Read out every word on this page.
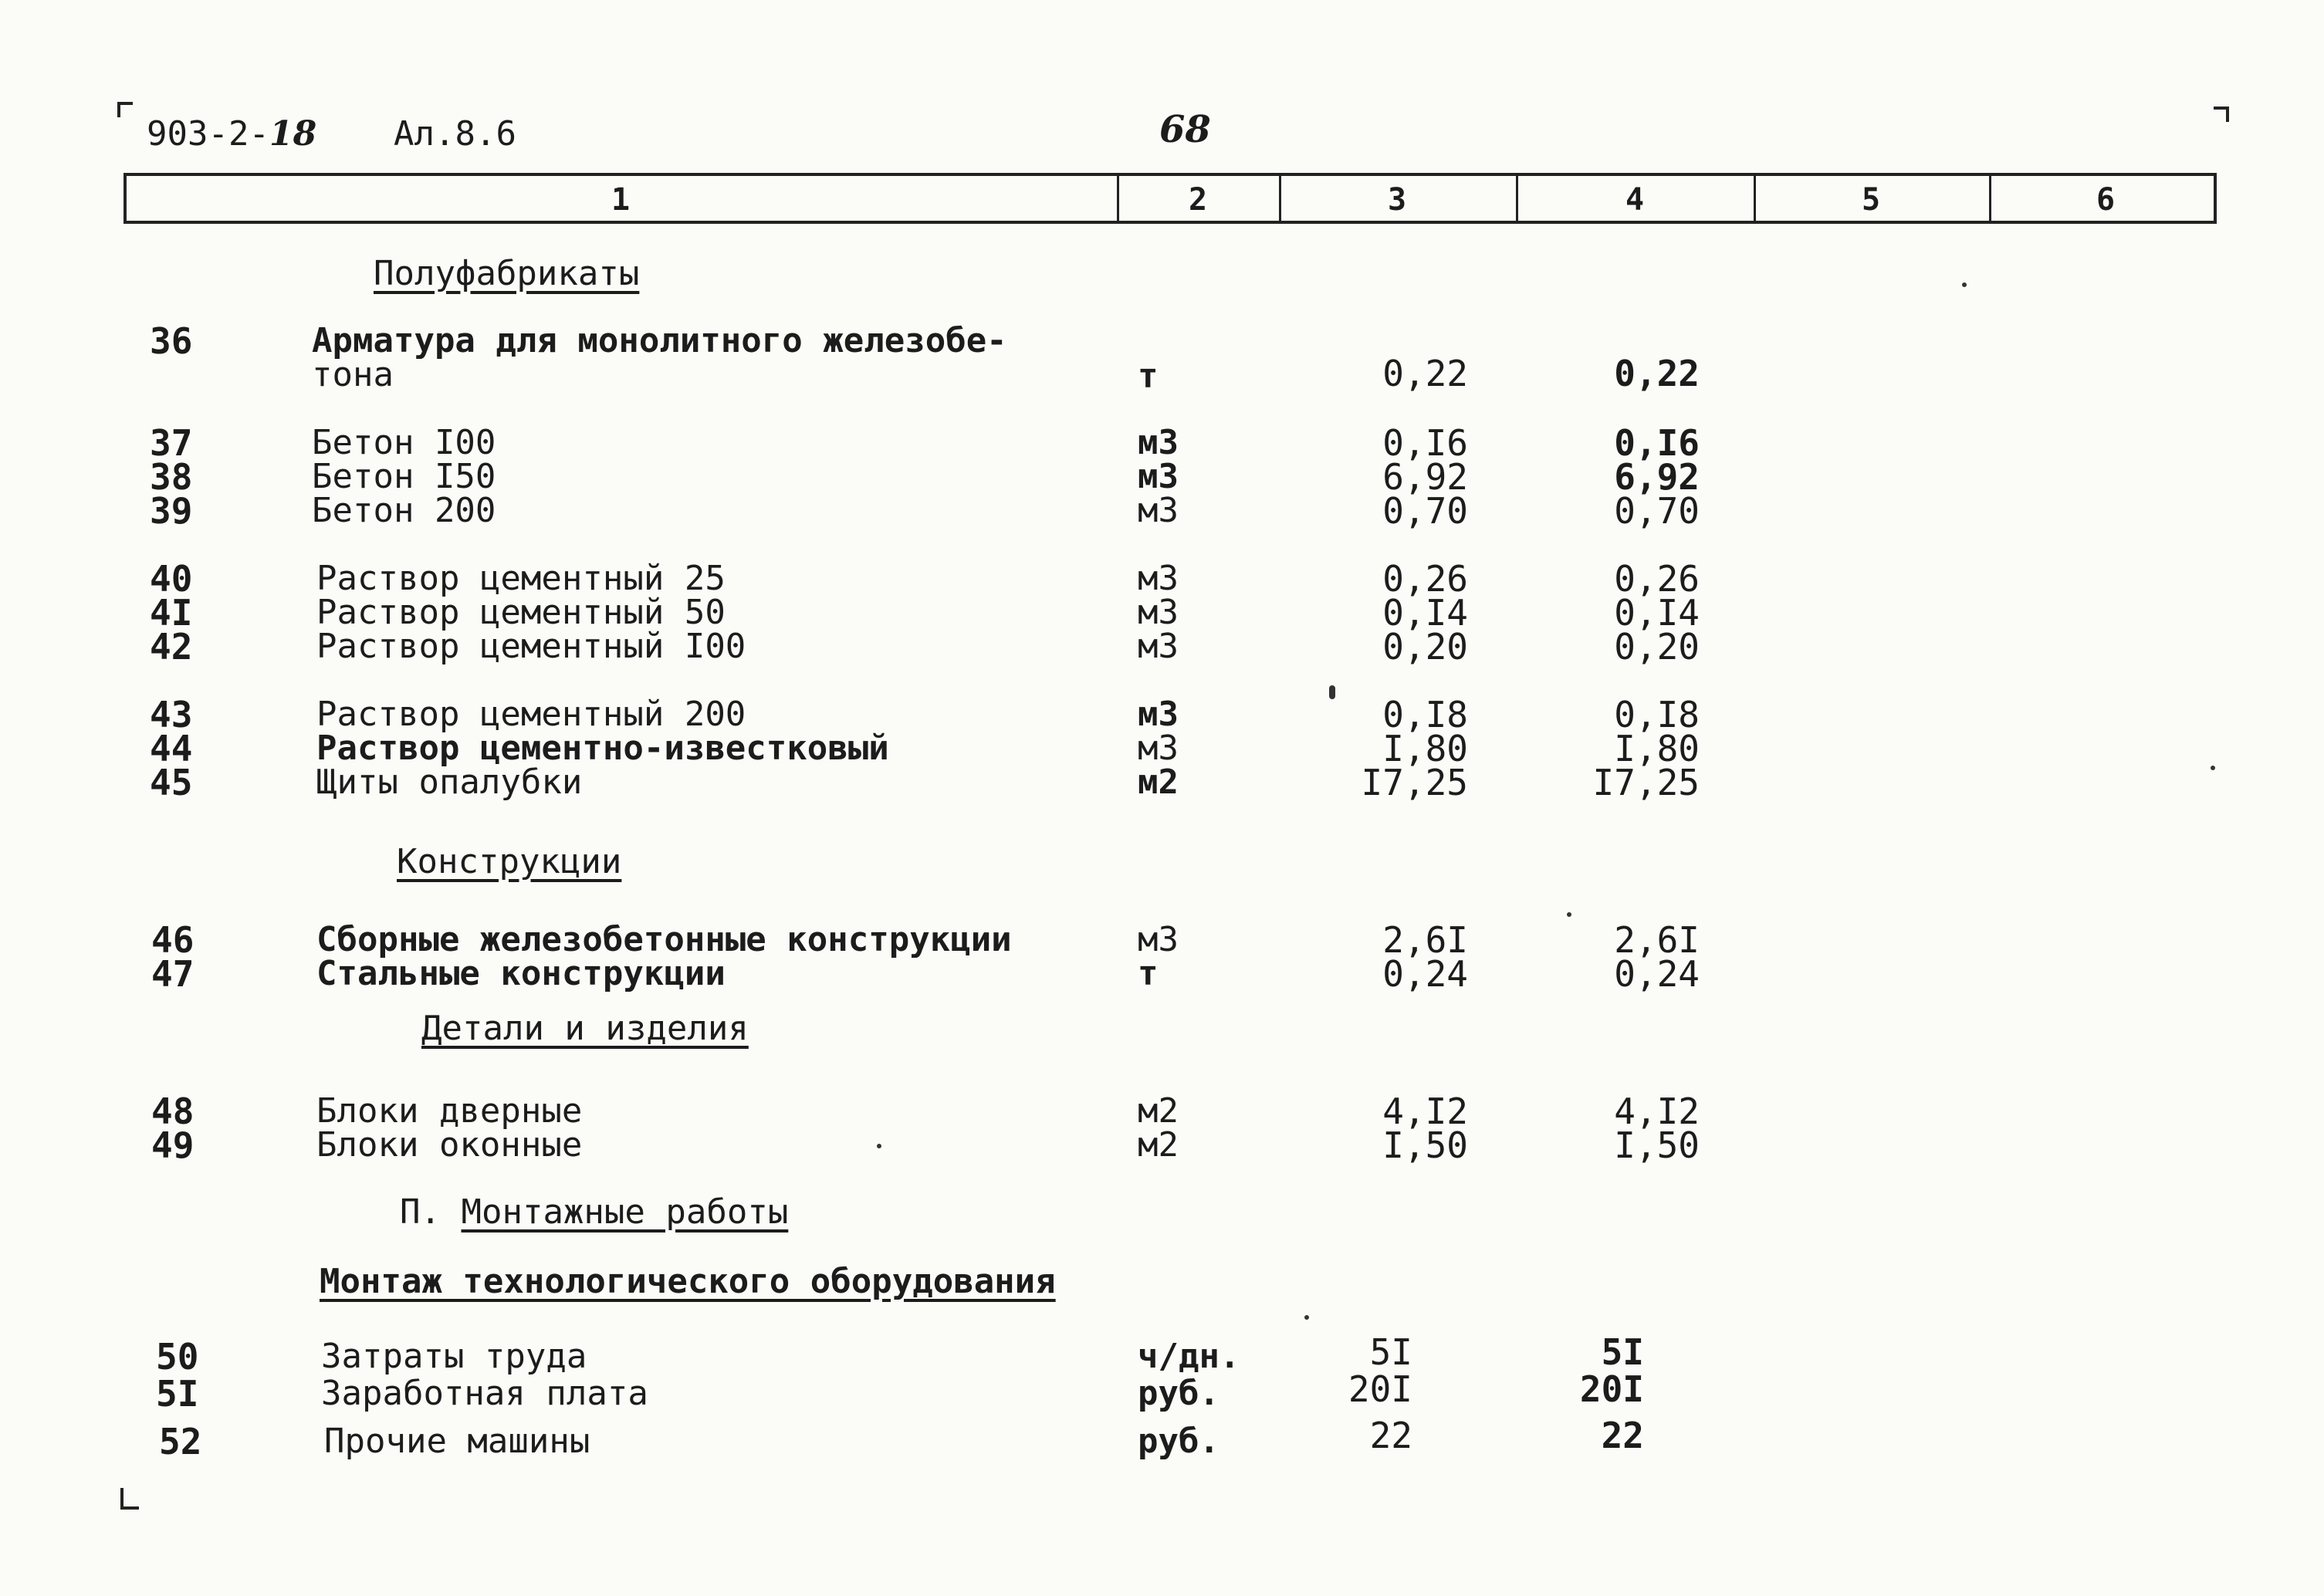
903-2-18 Ал.8.6	68
1	2	3	4	5	6
Полуфабрикаты
Конструкции
Детали и изделия
П. Монтажные работы
Монтаж технологического оборудования
36	Арматура для монолитного железобе-
тона	т	0,22	0,22
37	Бетон I00	м3	0,I6	0,I6
38	Бетон I50	м3	6,92	6,92
39	Бетон 200	м3	0,70	0,70
40	Раствор цементный 25	м3	0,26	0,26
4I	Раствор цементный 50	м3	0,I4	0,I4
42	Раствор цементный I00	м3	0,20	0,20
43	Раствор цементный 200	м3	0,I8	0,I8
44	Раствор цементно-известковый	м3	I,80	I,80
45	Щиты опалубки	м2	I7,25	I7,25
46	Сборные железобетонные конструкции	м3	2,6I	2,6I
47	Стальные конструкции	т	0,24	0,24
48	Блоки дверные	м2	4,I2	4,I2
49	Блоки оконные	м2	I,50	I,50
50	Затраты труда	ч/дн.	5I	5I
5I	Заработная плата	руб.	20I	20I
52	Прочие машины	руб.	22	22
